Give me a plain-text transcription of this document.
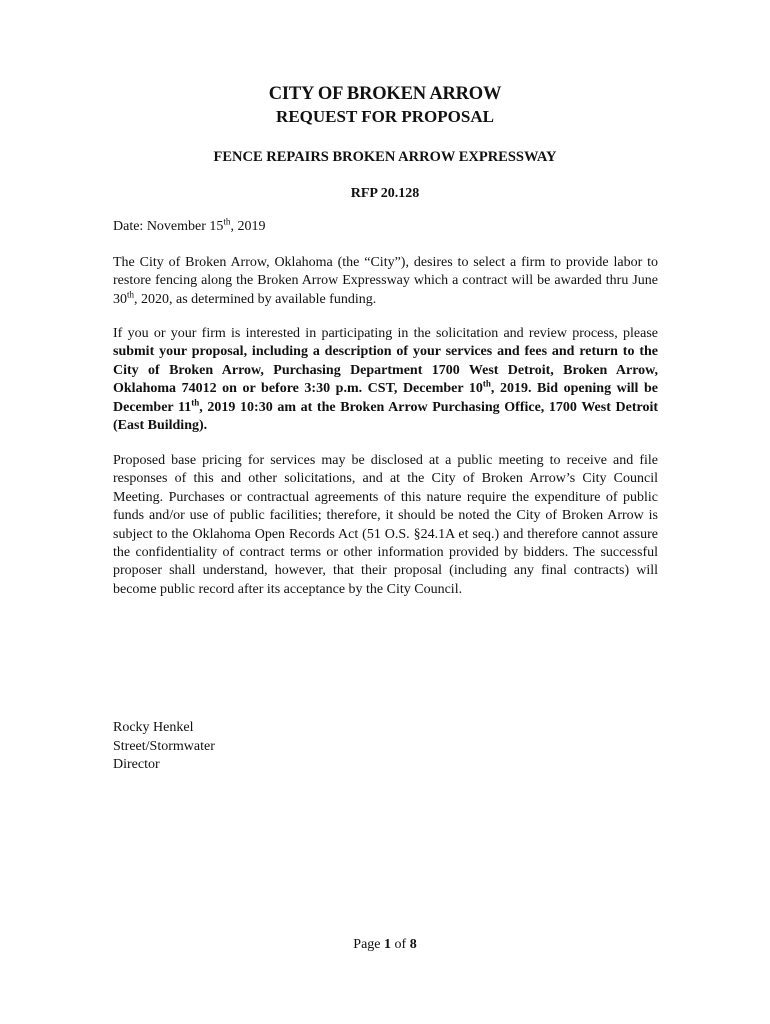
CITY OF BROKEN ARROW
REQUEST FOR PROPOSAL
FENCE REPAIRS BROKEN ARROW EXPRESSWAY
RFP 20.128
Date: November 15th, 2019
The City of Broken Arrow, Oklahoma (the “City”), desires to select a firm to provide labor to restore fencing along the Broken Arrow Expressway which a contract will be awarded thru June 30th, 2020, as determined by available funding.
If you or your firm is interested in participating in the solicitation and review process, please submit your proposal, including a description of your services and fees and return to the City of Broken Arrow, Purchasing Department 1700 West Detroit, Broken Arrow, Oklahoma 74012 on or before 3:30 p.m. CST, December 10th, 2019. Bid opening will be December 11th, 2019 10:30 am at the Broken Arrow Purchasing Office, 1700 West Detroit (East Building).
Proposed base pricing for services may be disclosed at a public meeting to receive and file responses of this and other solicitations, and at the City of Broken Arrow’s City Council Meeting. Purchases or contractual agreements of this nature require the expenditure of public funds and/or use of public facilities; therefore, it should be noted the City of Broken Arrow is subject to the Oklahoma Open Records Act (51 O.S. §24.1A et seq.) and therefore cannot assure the confidentiality of contract terms or other information provided by bidders. The successful proposer shall understand, however, that their proposal (including any final contracts) will become public record after its acceptance by the City Council.
Rocky Henkel
Street/Stormwater
Director
Page 1 of 8
